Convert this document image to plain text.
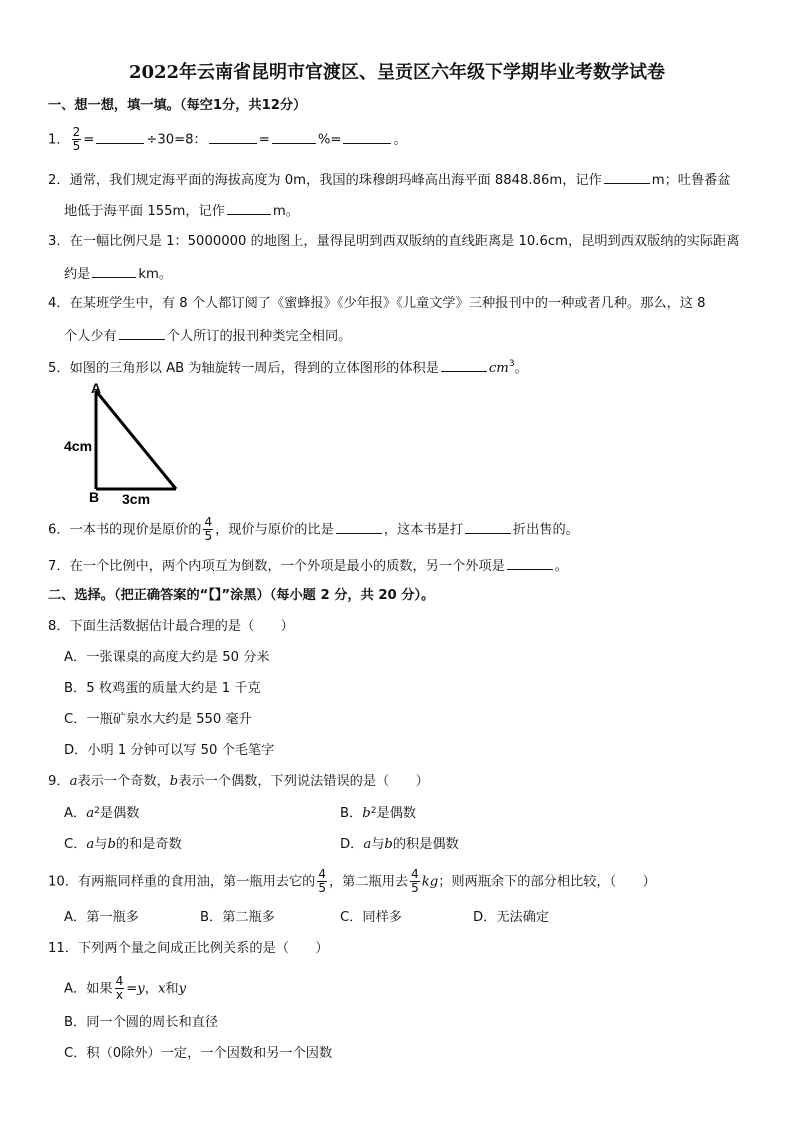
2022年云南省昆明市官渡区、呈贡区六年级下学期毕业考数学试卷
一、想一想，填一填。（每空1分，共12分）
1． $\frac{2}{5}$ =	÷30=8：	=	%=	。
2．通常，我们规定海平面的海拔高度为 0m，我国的珠穆朗玛峰高出海平面 8848.86m，记作	m；吐鲁番盆
地低于海平面 155m，记作	m。
3．在一幅比例尺是 1：5000000 的地图上，量得昆明到西双版纳的直线距离是 10.6cm，昆明到西双版纳的实际距离
约是	km。
4．在某班学生中，有 8 个人都订阅了《蜜蜂报》《少年报》《儿童文学》三种报刊中的一种或者几种。那么，这 8
个人少有	个人所订的报刊种类完全相同。
5．如图的三角形以 AB 为轴旋转一周后，得到的立体图形的体积是	$cm^3$。
A
B
4cm
3cm
6．一本书的现价是原价的 $\frac{4}{5}$ ，现价与原价的比是	，这本书是打	折出售的。
7．在一个比例中，两个内项互为倒数，一个外项是最小的质数，另一个外项是	。
二、选择。（把正确答案的“【】”涂黑）（每小题 2 分，共 20 分）。
8．下面生活数据估计最合理的是（　　）
A．一张课桌的高度大约是 50 分米
B．5 枚鸡蛋的质量大约是 1 千克
C．一瓶矿泉水大约是 550 毫升
D．小明 1 分钟可以写 50 个毛笔字
9．a表示一个奇数，b表示一个偶数，下列说法错误的是（　　）
A．$a^2$是偶数	B．$b^2$是偶数
C．a与b的和是奇数	D．a与b的积是偶数
10．有两瓶同样重的食用油，第一瓶用去它的 $\frac{4}{5}$ ，第二瓶用去 $\frac{4}{5}$ kg；则两瓶余下的部分相比较，（　　）
A．第一瓶多	B．第二瓶多	C．同样多	D．无法确定
11．下列两个量之间成正比例关系的是（　　）
A．如果 $\frac{4}{x} =y$，x和y
B．同一个圆的周长和直径
C．积（0除外）一定，一个因数和另一个因数
